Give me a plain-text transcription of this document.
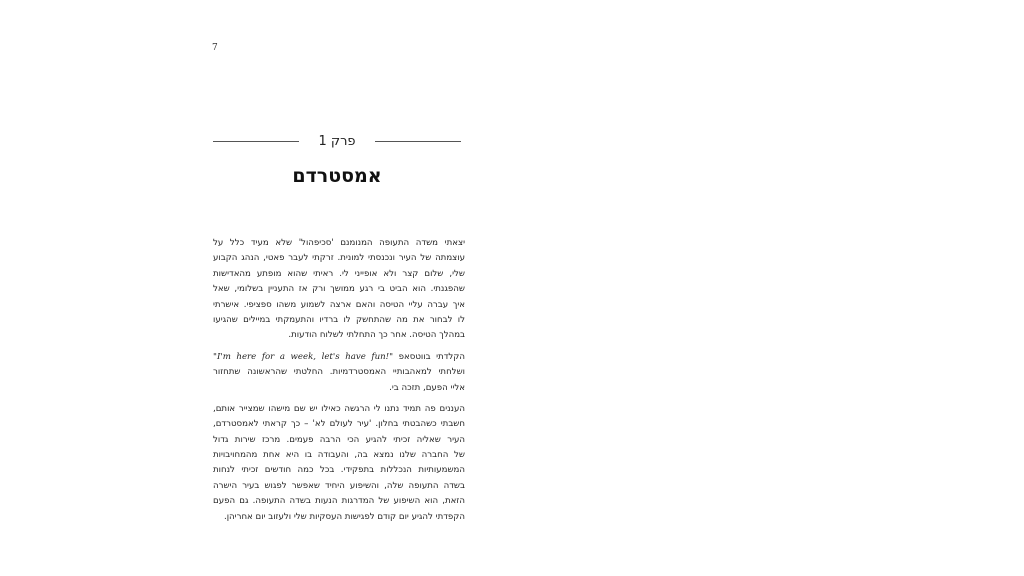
7
פרק 1
אמסטרדם
יצאתי משדה התעופה המנומנם 'סכיפהול' שלא מעיד כלל על
עוצמתה של העיר ונכנסתי למונית. זרקתי לעבר פאטי, הנהג הקבוע
שלי, שלום קצר ולא אופייני לי. ראיתי שהוא מופתע מהאדישות
שהפגנתי. הוא הביט בי רגע ממושך ורק אז התעניין בשלומי, שאל
איך עברה עליי הטיסה והאם ארצה לשמוע משהו ספציפי. אישרתי
לו לבחור את מה שהתחשק לו ברדיו והתעמקתי במיילים שהגיעו
במהלך הטיסה. אחר כך התחלתי לשלוח הודעות.
הקלדתי בווטסאפ "I'm here for a week, let's have fun!"
ושלחתי למאהבותיי האמסטרדמיות. החלטתי שהראשונה שתחזור
אליי הפעם, תזכה בי.
העננים פה תמיד נתנו לי הרגשה כאילו יש שם מישהו שמצייר אותם,
חשבתי כשהבטתי בחלון. 'עיר לעולם לא' – כך קראתי לאמסטרדם,
העיר שאליה זכיתי להגיע הכי הרבה פעמים. מרכז שירות גדול
של החברה שלנו נמצא בה, והעבודה בו היא אחת מהמחויבויות
המשמעותיות הנכללות בתפקידי. בכל כמה חודשים זכיתי לנחות
בשדה התעופה שלה, והשיפוע היחיד שאפשר לפגוש בעיר הישרה
הזאת, הוא השיפוע של המדרגות הנעות בשדה התעופה. גם הפעם
הקפדתי להגיע יום קודם לפגישות העסקיות שלי ולעזוב יום אחריהן.
